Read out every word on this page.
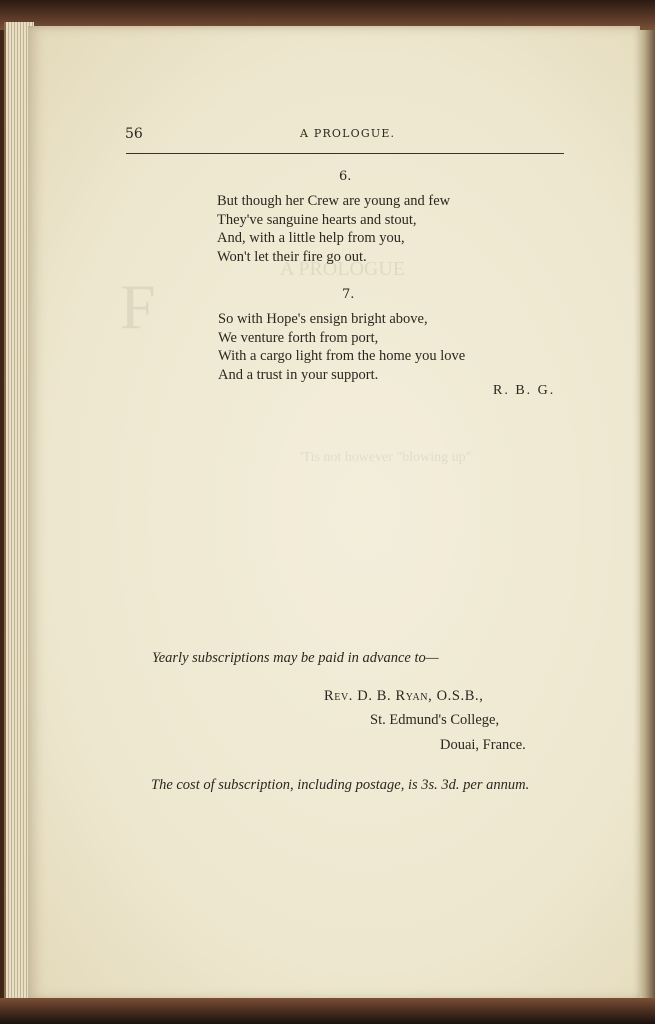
56	A PROLOGUE.
6.
But though her Crew are young and few
They've sanguine hearts and stout,
And, with a little help from you,
Won't let their fire go out.
7.
So with Hope's ensign bright above,
We venture forth from port,
With a cargo light from the home you love
And a trust in your support.
R. B. G.
Yearly subscriptions may be paid in advance to—
Rev. D. B. Ryan, O.S.B.,
St. Edmund's College,
Douai, France.
The cost of subscription, including postage, is 3s. 3d. per annum.
